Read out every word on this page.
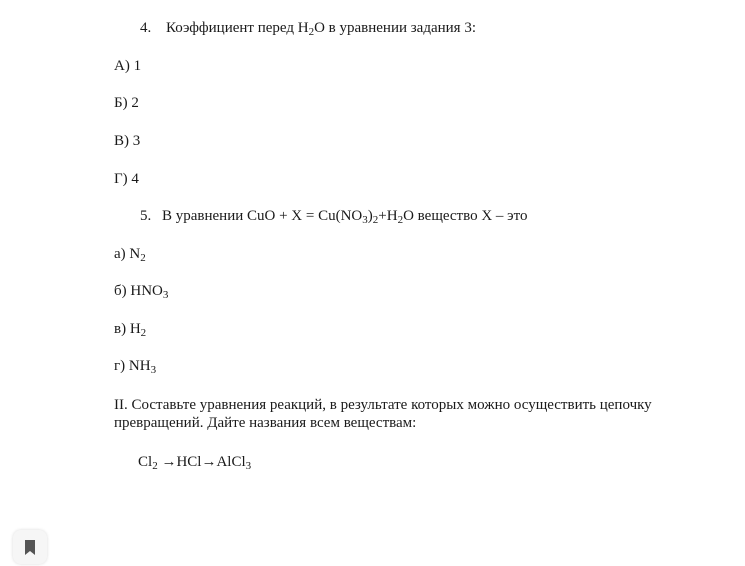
4. Коэффициент перед $H_2O$ в уравнении задания 3:
А) 1
Б) 2
В) 3
Г) 4
5. В уравнении CuO + $X = Cu(NO_3)_2+H_2O$ вещество X – это
а) $N_2$
б) $HNO_3$
в) $H_2$
г) $NH_3$
II. Составьте уравнения реакций, в результате которых можно осуществить цепочку превращений. Дайте названия всем веществам:
$Cl_2$ →HCl→AlCl$_3$
